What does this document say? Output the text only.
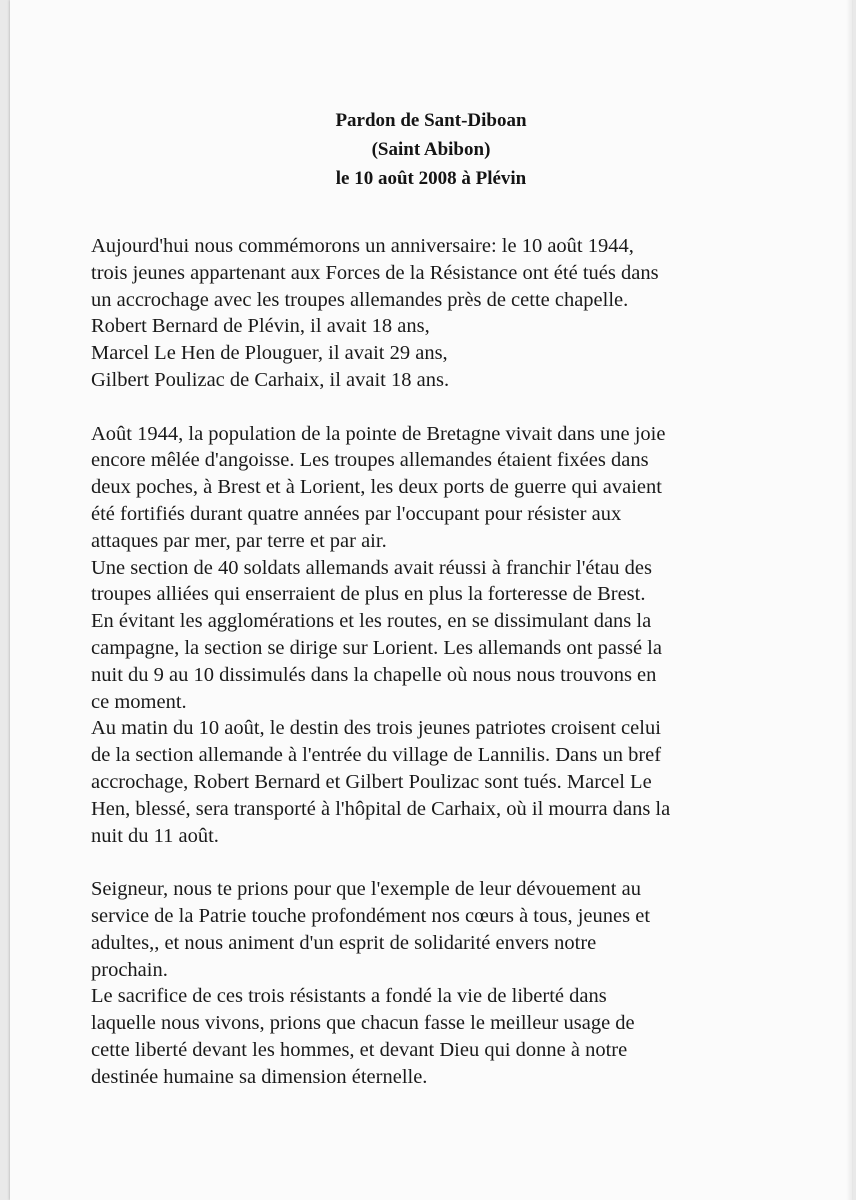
Pardon de Sant-Diboan
(Saint Abibon)
le 10 août 2008 à Plévin
Aujourd'hui nous commémorons un anniversaire: le 10 août 1944,
trois jeunes appartenant aux Forces de la Résistance ont été tués dans
un accrochage avec les troupes allemandes près de cette chapelle.
Robert Bernard de Plévin, il avait 18 ans,
Marcel Le Hen de Plouguer, il avait 29 ans,
Gilbert Poulizac de Carhaix, il avait 18 ans.
Août 1944, la population de la pointe de Bretagne vivait dans une joie
encore mêlée d'angoisse. Les troupes allemandes étaient fixées dans
deux poches, à Brest et à Lorient, les deux ports de guerre qui avaient
été fortifiés durant quatre années par l'occupant pour résister aux
attaques par mer, par terre et par air.
Une section de 40 soldats allemands avait réussi à franchir l'étau des
troupes alliées qui enserraient de plus en plus la forteresse de Brest.
En évitant les agglomérations et les routes, en se dissimulant dans la
campagne, la section se dirige sur Lorient. Les allemands ont passé la
nuit du 9 au 10 dissimulés dans la chapelle où nous nous trouvons en
ce moment.
Au matin du 10 août, le destin des trois jeunes patriotes croisent celui
de la section allemande à l'entrée du village de Lannilis. Dans un bref
accrochage, Robert Bernard et Gilbert Poulizac sont tués. Marcel Le
Hen, blessé, sera transporté à l'hôpital de Carhaix, où il mourra dans la
nuit du 11 août.
Seigneur, nous te prions pour que l'exemple de leur dévouement au
service de la Patrie touche profondément nos cœurs à tous, jeunes et
adultes,, et nous animent d'un esprit de solidarité envers notre
prochain.
Le sacrifice de ces trois résistants a fondé la vie de liberté dans
laquelle nous vivons, prions que chacun fasse le meilleur usage de
cette liberté devant les hommes, et devant Dieu qui donne à notre
destinée humaine sa dimension éternelle.
